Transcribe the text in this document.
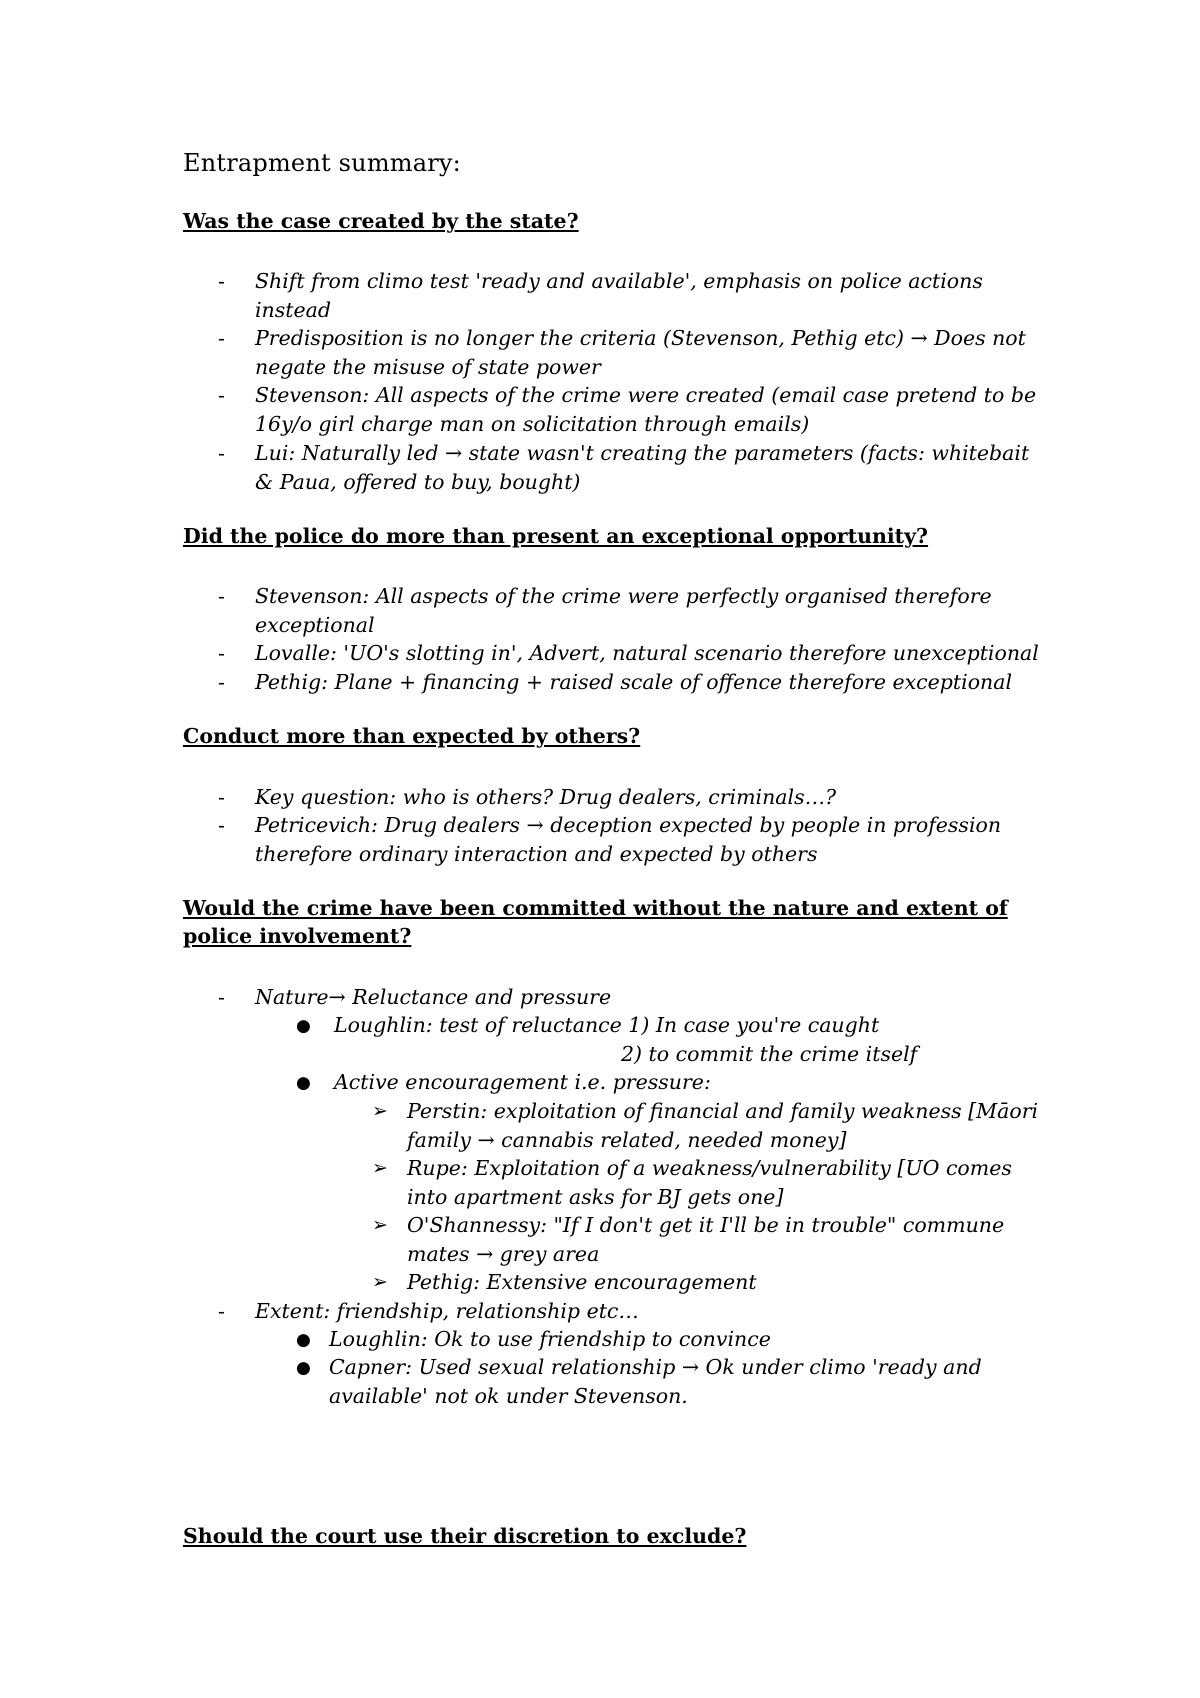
Entrapment summary:

Was the case created by the state?

- Shift from climo test 'ready and available', emphasis on police actions

instead

- Predisposition is no longer the criteria (Stevenson, Pethig etc) → Does not

negate the misuse of state power

- Stevenson: All aspects of the crime were created (email case pretend to be

16y/o girl charge man on solicitation through emails)

- Lui: Naturally led → state wasn't creating the parameters (facts: whitebait

& Paua, offered to buy, bought)

Did the police do more than present an exceptional opportunity?

- Stevenson: All aspects of the crime were perfectly organised therefore

exceptional

- Lovalle: 'UO's slotting in', Advert, natural scenario therefore unexceptional

- Pethig: Plane + financing + raised scale of offence therefore exceptional

Conduct more than expected by others?

- Key question: who is others? Drug dealers, criminals…?

- Petricevich: Drug dealers → deception expected by people in profession

therefore ordinary interaction and expected by others

Would the crime have been committed without the nature and extent of

police involvement?

- Nature→ Reluctance and pressure

● Loughlin: test of reluctance 1) In case you're caught

2) to commit the crime itself

● Active encouragement i.e. pressure:

➢ Perstin: exploitation of financial and family weakness [Māori

family → cannabis related, needed money]

➢ Rupe: Exploitation of a weakness/vulnerability [UO comes

into apartment asks for BJ gets one]

➢ O'Shannessy: "If I don't get it I'll be in trouble" commune

mates → grey area

➢ Pethig: Extensive encouragement

- Extent: friendship, relationship etc…

● Loughlin: Ok to use friendship to convince

● Capner: Used sexual relationship → Ok under climo 'ready and

available' not ok under Stevenson.

Should the court use their discretion to exclude?
